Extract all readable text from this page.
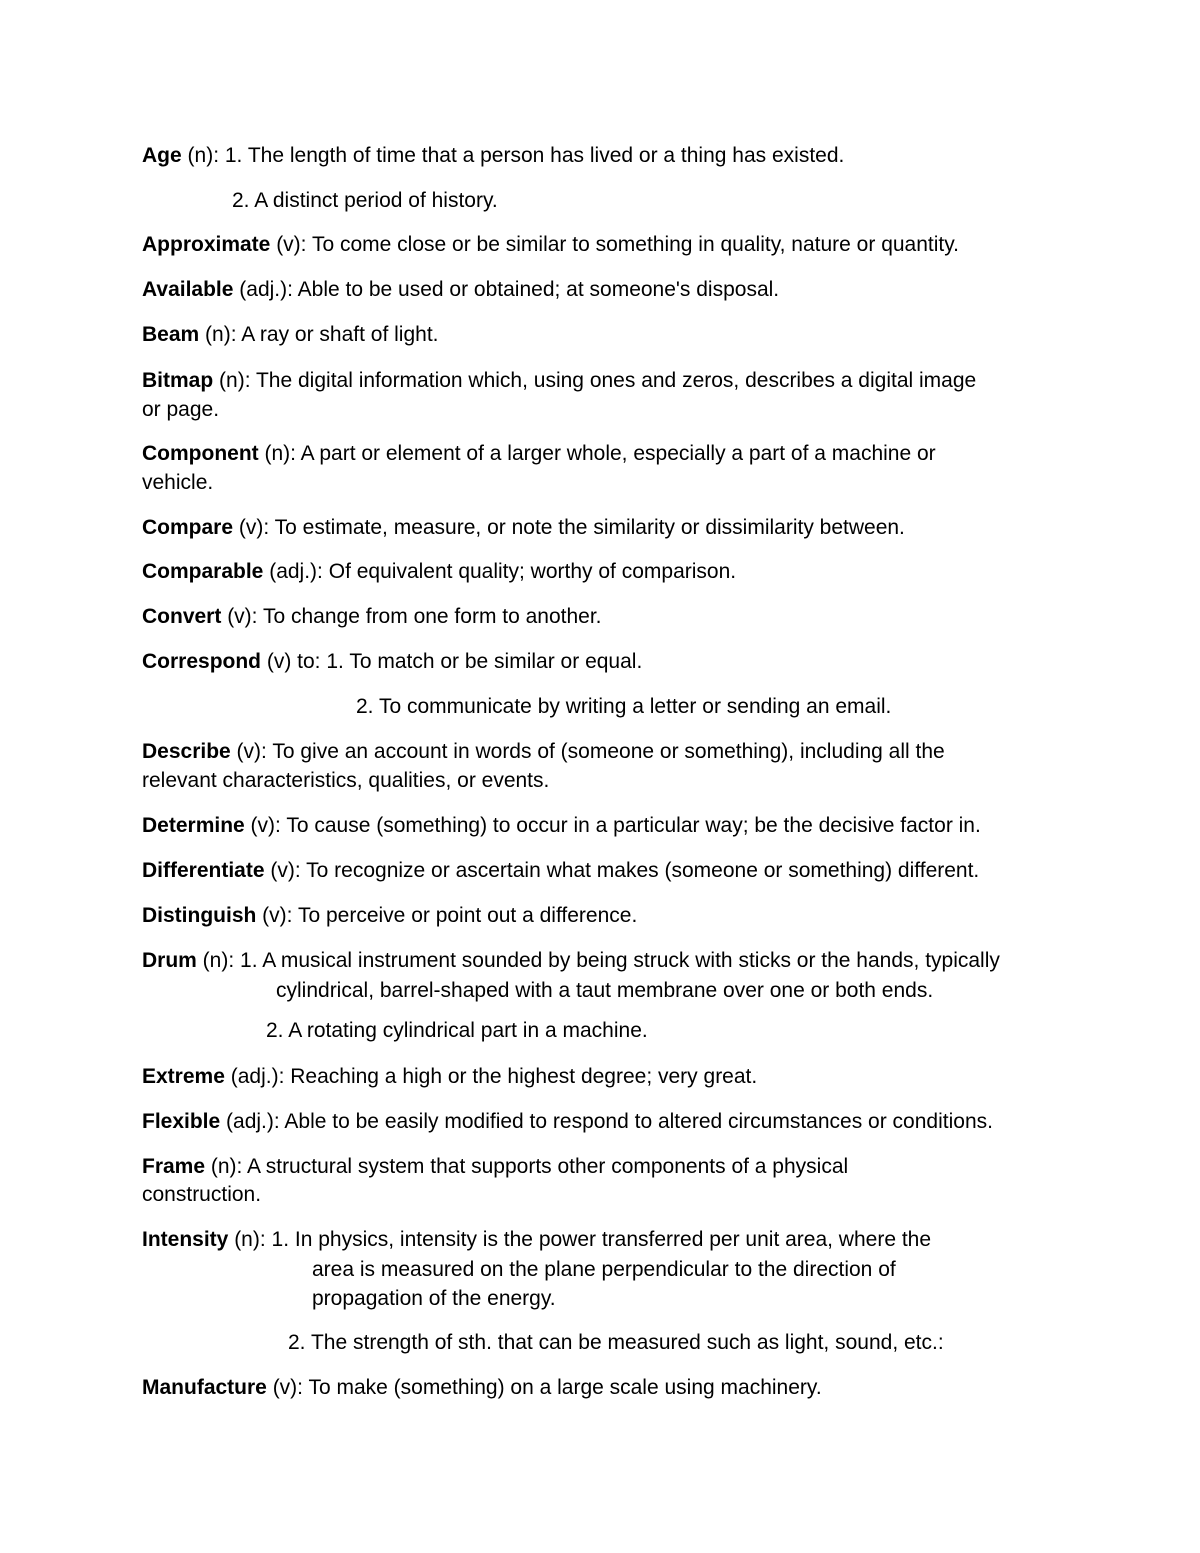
Age (n): 1. The length of time that a person has lived or a thing has existed.
2. A distinct period of history.
Approximate (v): To come close or be similar to something in quality, nature or quantity.
Available (adj.): Able to be used or obtained; at someone's disposal.
Beam (n): A ray or shaft of light.
Bitmap (n): The digital information which, using ones and zeros, describes a digital image
or page.
Component (n): A part or element of a larger whole, especially a part of a machine or
vehicle.
Compare (v): To estimate, measure, or note the similarity or dissimilarity between.
Comparable (adj.): Of equivalent quality; worthy of comparison.
Convert (v): To change from one form to another.
Correspond (v) to: 1. To match or be similar or equal.
2. To communicate by writing a letter or sending an email.
Describe (v): To give an account in words of (someone or something), including all the
relevant characteristics, qualities, or events.
Determine (v): To cause (something) to occur in a particular way; be the decisive factor in.
Differentiate (v): To recognize or ascertain what makes (someone or something) different.
Distinguish (v): To perceive or point out a difference.
Drum (n): 1. A musical instrument sounded by being struck with sticks or the hands, typically
cylindrical, barrel-shaped with a taut membrane over one or both ends.
2. A rotating cylindrical part in a machine.
Extreme (adj.): Reaching a high or the highest degree; very great.
Flexible (adj.): Able to be easily modified to respond to altered circumstances or conditions.
Frame (n): A structural system that supports other components of a physical
construction.
Intensity (n): 1. In physics, intensity is the power transferred per unit area, where the
area is measured on the plane perpendicular to the direction of
propagation of the energy.
2. The strength of sth. that can be measured such as light, sound, etc.:
Manufacture (v): To make (something) on a large scale using machinery.
